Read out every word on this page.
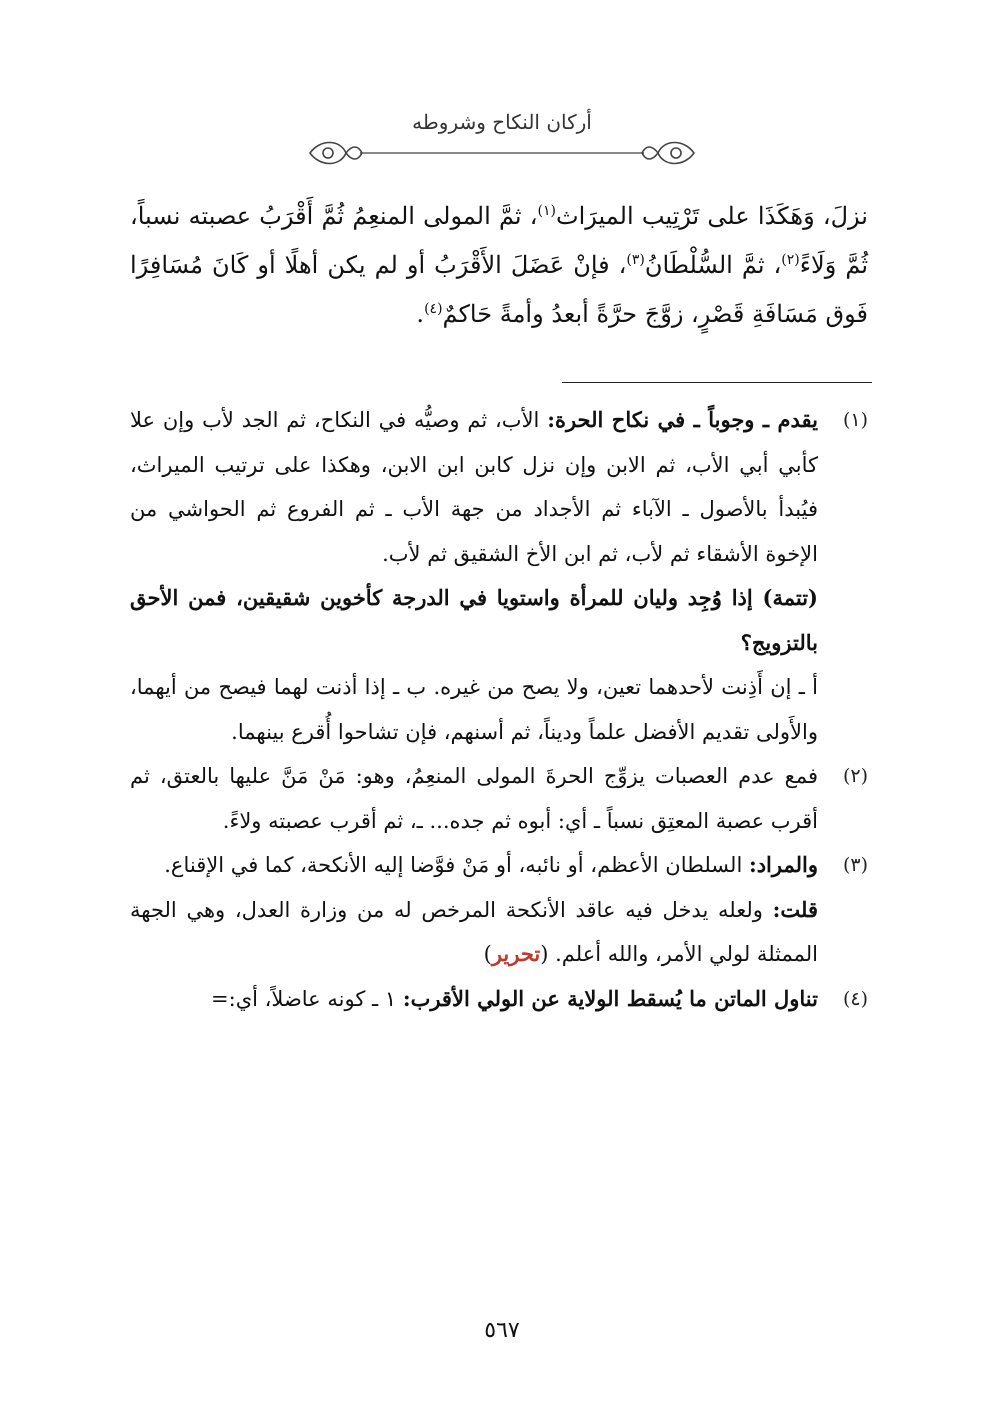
أركان النكاح وشروطه

نزلَ، وَهَكَذَا على تَرْتِيب الميرَاث$^{(١)}$، ثمَّ المولى المنعِمُ ثُمَّ أَقْرَبُ عصبته نسباً، ثُمَّ وَلَاءً$^{(٢)}$، ثمَّ السُّلْطَانُ$^{(٣)}$، فإنْ عَضَلَ الأَقْرَبُ أو لم يكن أهلًا أو كَانَ مُسَافِرًا فَوق مَسَافَةِ قَصْرٍ، زوَّجَ حرَّةً أبعدُ وأمةً حَاكمٌ$^{(٤)}$.

(١)

يقدم ـ وجوباً ـ في نكاح الحرة: الأب، ثم وصيُّه في النكاح، ثم الجد لأب وإن علا كأبي أبي الأب، ثم الابن وإن نزل كابن ابن الابن، وهكذا على ترتيب الميراث، فيُبدأ بالأصول ـ الآباء ثم الأجداد من جهة الأب ـ ثم الفروع ثم الحواشي من الإخوة الأشقاء ثم لأب، ثم ابن الأخ الشقيق ثم لأب.

(تتمة) إذا وُجِد وليان للمرأة واستويا في الدرجة كأخوين شقيقين، فمن الأحق بالتزويج؟

أ ـ إن أَذِنت لأحدهما تعين، ولا يصح من غيره. ب ـ إذا أذنت لهما فيصح من أيهما، والأَولى تقديم الأفضل علماً وديناً، ثم أسنهم، فإن تشاحوا أُقرع بينهما.

(٢)

فمع عدم العصبات يزوِّج الحرةَ المولى المنعِمُ، وهو: مَنْ مَنَّ عليها بالعتق، ثم أقرب عصبة المعتِق نسباً ـ أي: أبوه ثم جده... ـ، ثم أقرب عصبته ولاءً.

(٣)

والمراد: السلطان الأعظم، أو نائبه، أو مَنْ فوَّضا إليه الأنكحة، كما في الإقناع.

قلت: ولعله يدخل فيه عاقد الأنكحة المرخص له من وزارة العدل، وهي الجهة الممثلة لولي الأمر، والله أعلم. (تحرير)

(٤)

تناول الماتن ما يُسقط الولاية عن الولي الأقرب: ١ ـ كونه عاضلاً، أي:=

٥٦٧
